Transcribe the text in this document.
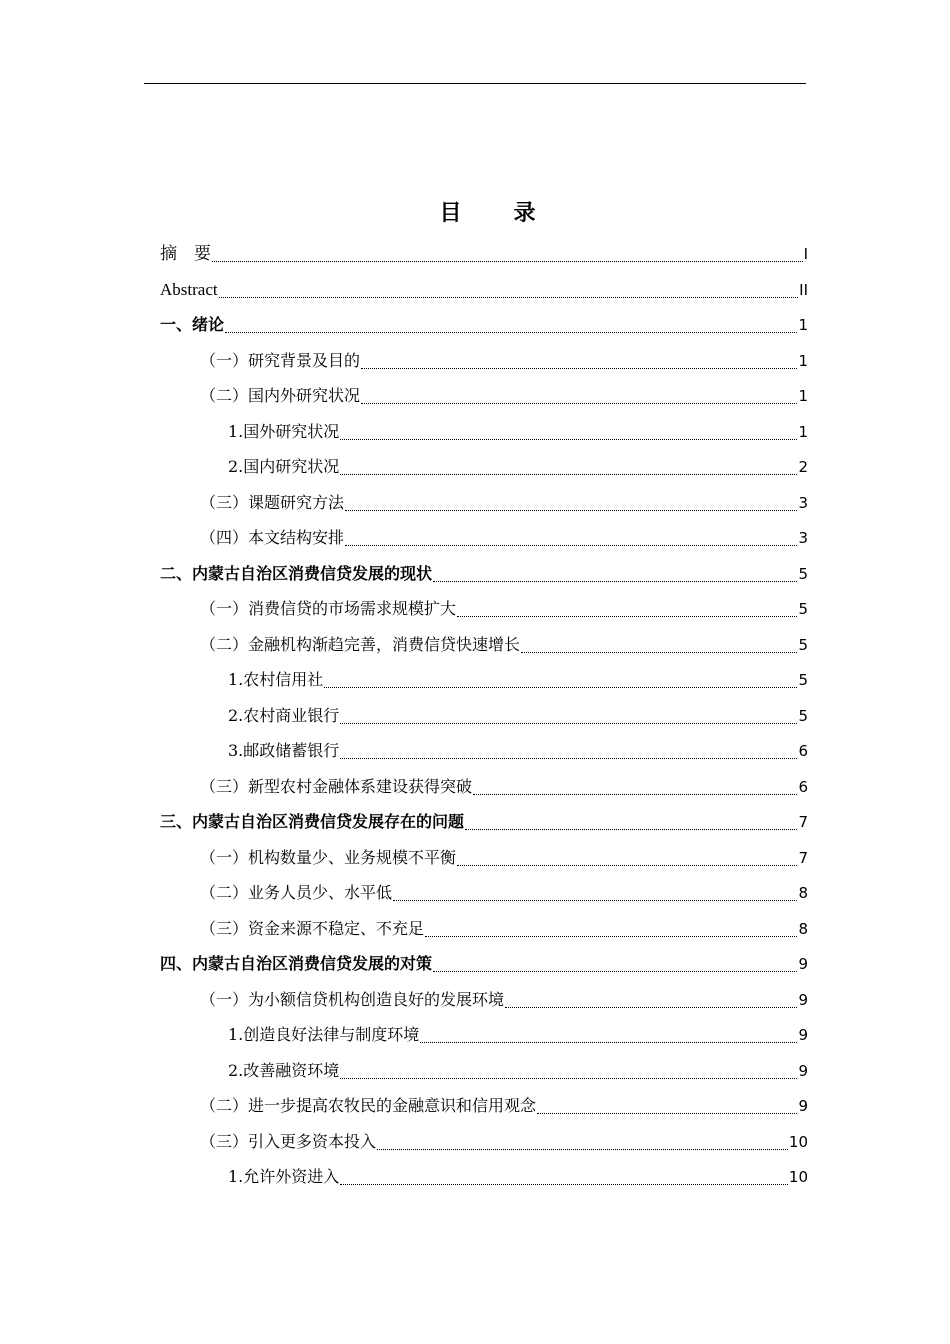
目　录
摘　要	I
Abstract	II
一、绪论	1
（一）研究背景及目的	1
（二）国内外研究状况	1
1.国外研究状况	1
2.国内研究状况	2
（三）课题研究方法	3
（四）本文结构安排	3
二、内蒙古自治区消费信贷发展的现状	5
（一）消费信贷的市场需求规模扩大	5
（二）金融机构渐趋完善，消费信贷快速增长	5
1.农村信用社	5
2.农村商业银行	5
3.邮政储蓄银行	6
（三）新型农村金融体系建设获得突破	6
三、内蒙古自治区消费信贷发展存在的问题	7
（一）机构数量少、业务规模不平衡	7
（二）业务人员少、水平低	8
（三）资金来源不稳定、不充足	8
四、内蒙古自治区消费信贷发展的对策	9
（一）为小额信贷机构创造良好的发展环境	9
1.创造良好法律与制度环境	9
2.改善融资环境	9
（二）进一步提高农牧民的金融意识和信用观念	9
（三）引入更多资本投入	10
1.允许外资进入	10
